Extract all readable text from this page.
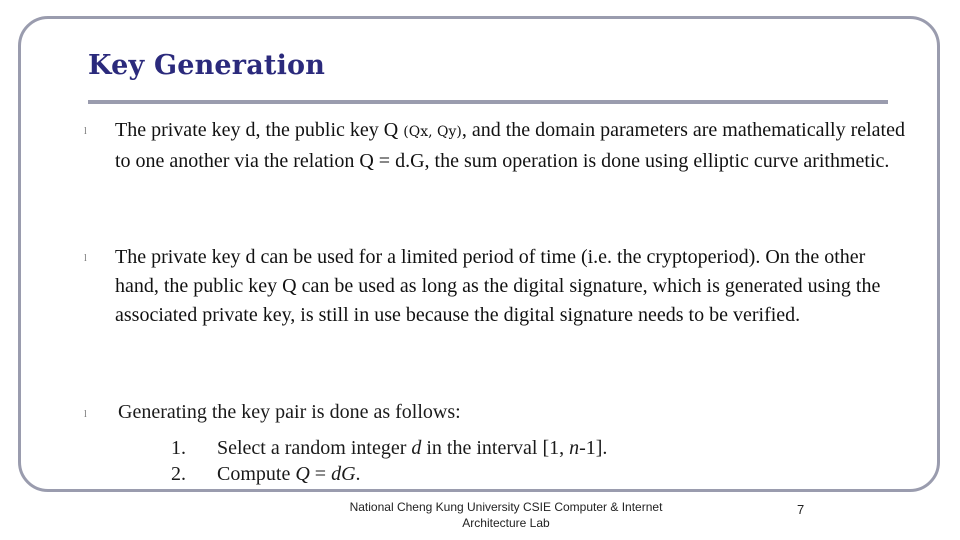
Key Generation
l The private key d, the public key Q (Qx, Qy), and the domain parameters are mathematically related to one another via the relation Q = d.G, the sum operation is done using elliptic curve arithmetic.
l The private key d can be used for a limited period of time (i.e. the cryptoperiod). On the other hand, the public key Q can be used as long as the digital signature, which is generated using the associated private key, is still in use because the digital signature needs to be verified.
l Generating the key pair is done as follows:
1. Select a random integer d in the interval [1, n-1].
2. Compute Q = dG.
National Cheng Kung University CSIE Computer & Internet
Architecture Lab
7
